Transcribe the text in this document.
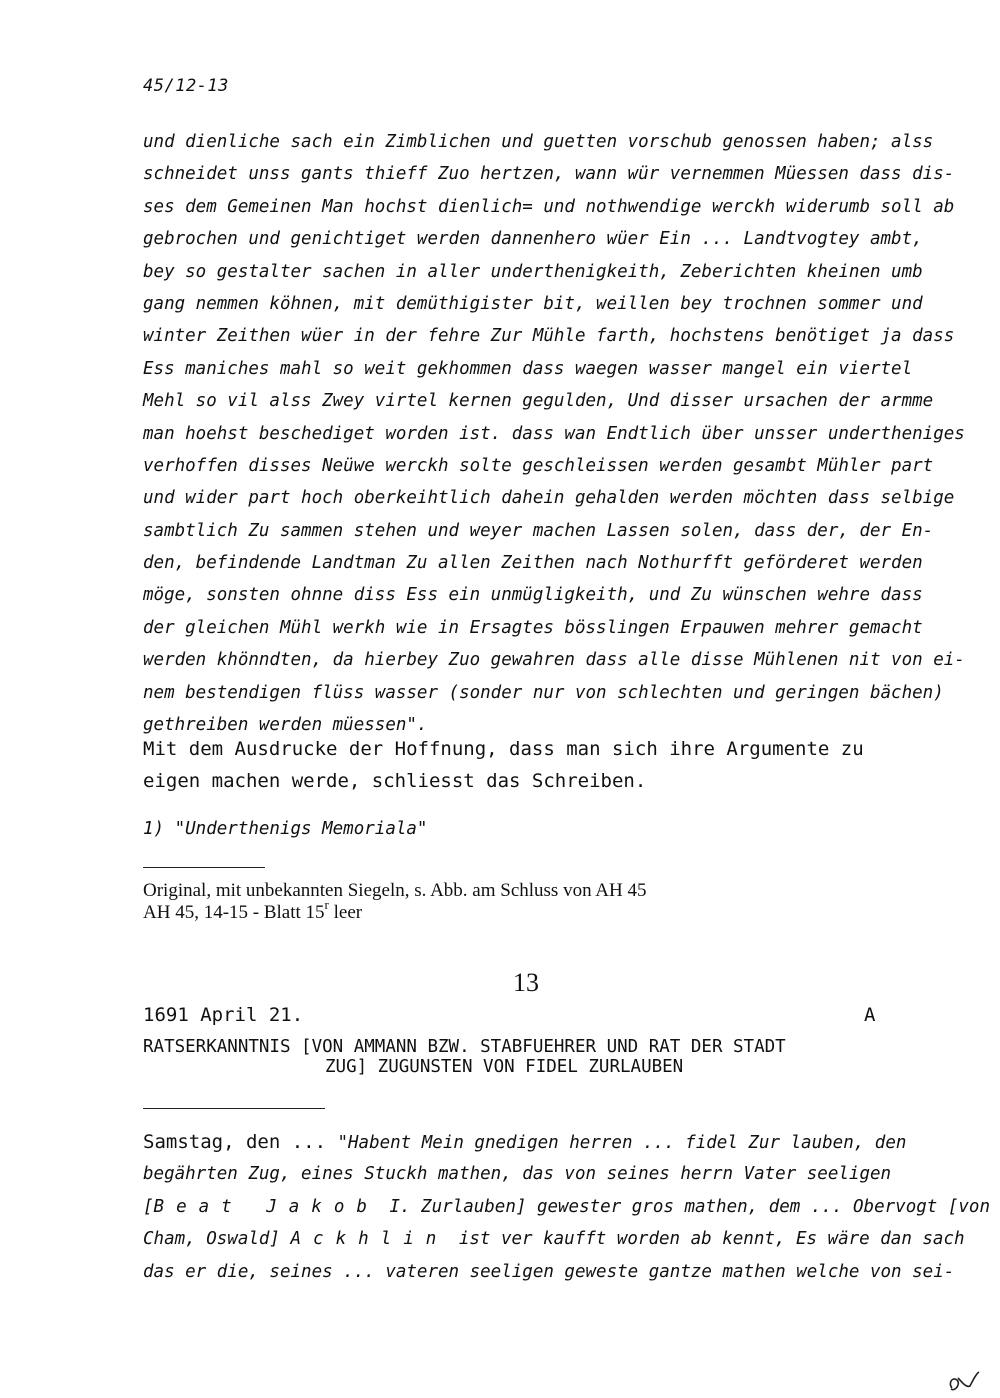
45/12-13
und dienliche sach ein Zimblichen und guetten vorschub genossen haben; alss
schneidet unss gants thieff Zuo hertzen, wann wür vernemmen Müessen dass dis-
ses dem Gemeinen Man hochst dienlich= und nothwendige werckh widerumb soll ab
gebrochen und genichtiget werden dannenhero wüer Ein ... Landtvogtey ambt,
bey so gestalter sachen in aller underthenigkeith, Zeberichten kheinen umb
gang nemmen köhnen, mit demüthigister bit, weillen bey trochnen sommer und
winter Zeithen wüer in der fehre Zur Mühle farth, hochstens benötiget ja dass
Ess maniches mahl so weit gekhommen dass waegen wasser mangel ein viertel
Mehl so vil alss Zwey virtel kernen gegulden, Und disser ursachen der armme
man hoehst beschediget worden ist. dass wan Endtlich über unsser undertheniges
verhoffen disses Neüwe werckh solte geschleissen werden gesambt Mühler part
und wider part hoch oberkeihtlich dahein gehalden werden möchten dass selbige
sambtlich Zu sammen stehen und weyer machen Lassen solen, dass der, der En-
den, befindende Landtman Zu allen Zeithen nach Nothurfft geförderet werden
möge, sonsten ohnne diss Ess ein unmügligkeith, und Zu wünschen wehre dass
der gleichen Mühl werkh wie in Ersagtes bösslingen Erpauwen mehrer gemacht
werden khönndten, da hierbey Zuo gewahren dass alle disse Mühlenen nit von ei-
nem bestendigen flüss wasser (sonder nur von schlechten und geringen bächen)
gethreiben werden müessen".
Mit dem Ausdrucke der Hoffnung, dass man sich ihre Argumente zu
eigen machen werde, schliesst das Schreiben.
1) "Underthenigs Memoriala"
Original, mit unbekannten Siegeln, s. Abb. am Schluss von AH 45
AH 45, 14-15 - Blatt 15$^r$ leer
13
1691 April 21.	A
RATSERKANNTNIS [VON AMMANN BZW. STABFUEHRER UND RAT DER STADT
ZUG] ZUGUNSTEN VON FIDEL ZURLAUBEN
Samstag, den ... "Habent Mein gnedigen herren ... fidel Zur lauben, den
begährten Zug, eines Stuckh mathen, das von seines herrn Vater seeligen
[Beat Jakob I. Zurlauben] gewester gros mathen, dem ... Obervogt [von
Cham, Oswald] Ackhlin ist ver kaufft worden ab kennt, Es wäre dan sach
das er die, seines ... vateren seeligen geweste gantze mathen welche von sei-
